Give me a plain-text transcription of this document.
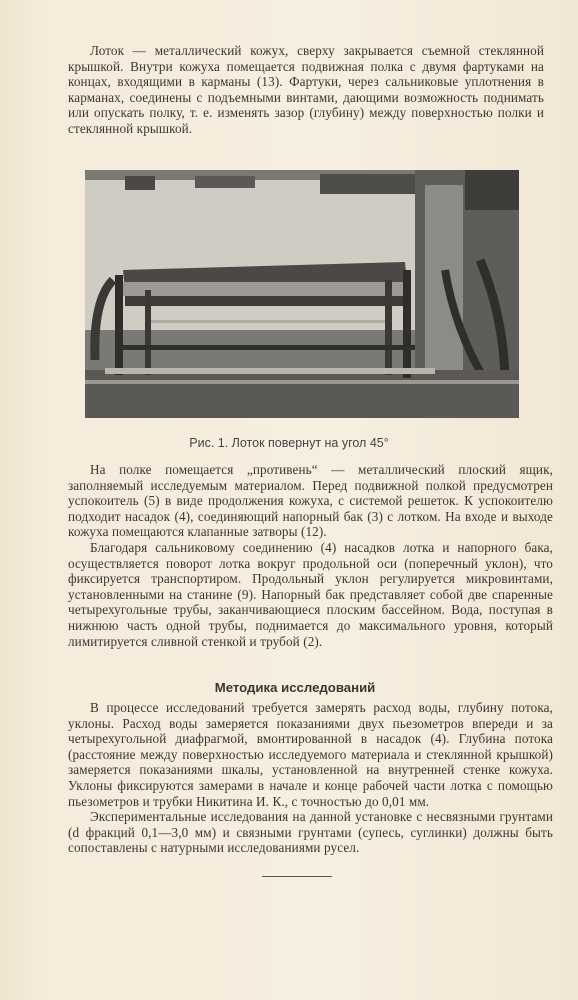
Лоток — металлический кожух, сверху закрывается съемной стеклянной крышкой. Внутри кожуха помещается подвижная полка с двумя фартуками на концах, входящими в карманы (13). Фартуки, через сальниковые уплотнения в карманах, соединены с подъемными винтами, дающими возможность поднимать или опускать полку, т. е. изменять зазор (глубину) между поверхностью полки и стеклянной крышкой.

Рис. 1. Лоток повернут на угол 45°

На полке помещается „противень“ — металлический плоский ящик, заполняемый исследуемым материалом. Перед подвижной полкой предусмотрен успокоитель (5) в виде продолжения кожуха, с системой решеток. К успокоителю подходит насадок (4), соединяющий напорный бак (3) с лотком. На входе и выходе кожуха помещаются клапанные затворы (12).
Благодаря сальниковому соединению (4) насадков лотка и напорного бака, осуществляется поворот лотка вокруг продольной оси (поперечный уклон), что фиксируется транспортиром. Продольный уклон регулируется микровинтами, установленными на станине (9). Напорный бак представляет собой две спаренные четырехугольные трубы, заканчивающиеся плоским бассейном. Вода, поступая в нижнюю часть одной трубы, поднимается до максимального уровня, который лимитируется сливной стенкой и трубой (2).

Методика исследований

В процессе исследований требуется замерять расход воды, глубину потока, уклоны. Расход воды замеряется показаниями двух пьезометров впереди и за четырехугольной диафрагмой, вмонтированной в насадок (4). Глубина потока (расстояние между поверхностью исследуемого материала и стеклянной крышкой) замеряется показаниями шкалы, установленной на внутренней стенке кожуха. Уклоны фиксируются замерами в начале и конце рабочей части лотка с помощью пьезометров и трубки Никитина И. К., с точностью до 0,01 мм.
Экспериментальные исследования на данной установке с несвязными грунтами (d фракций 0,1—3,0 мм) и связными грунтами (супесь, суглинки) должны быть сопоставлены с натурными исследованиями русел.
